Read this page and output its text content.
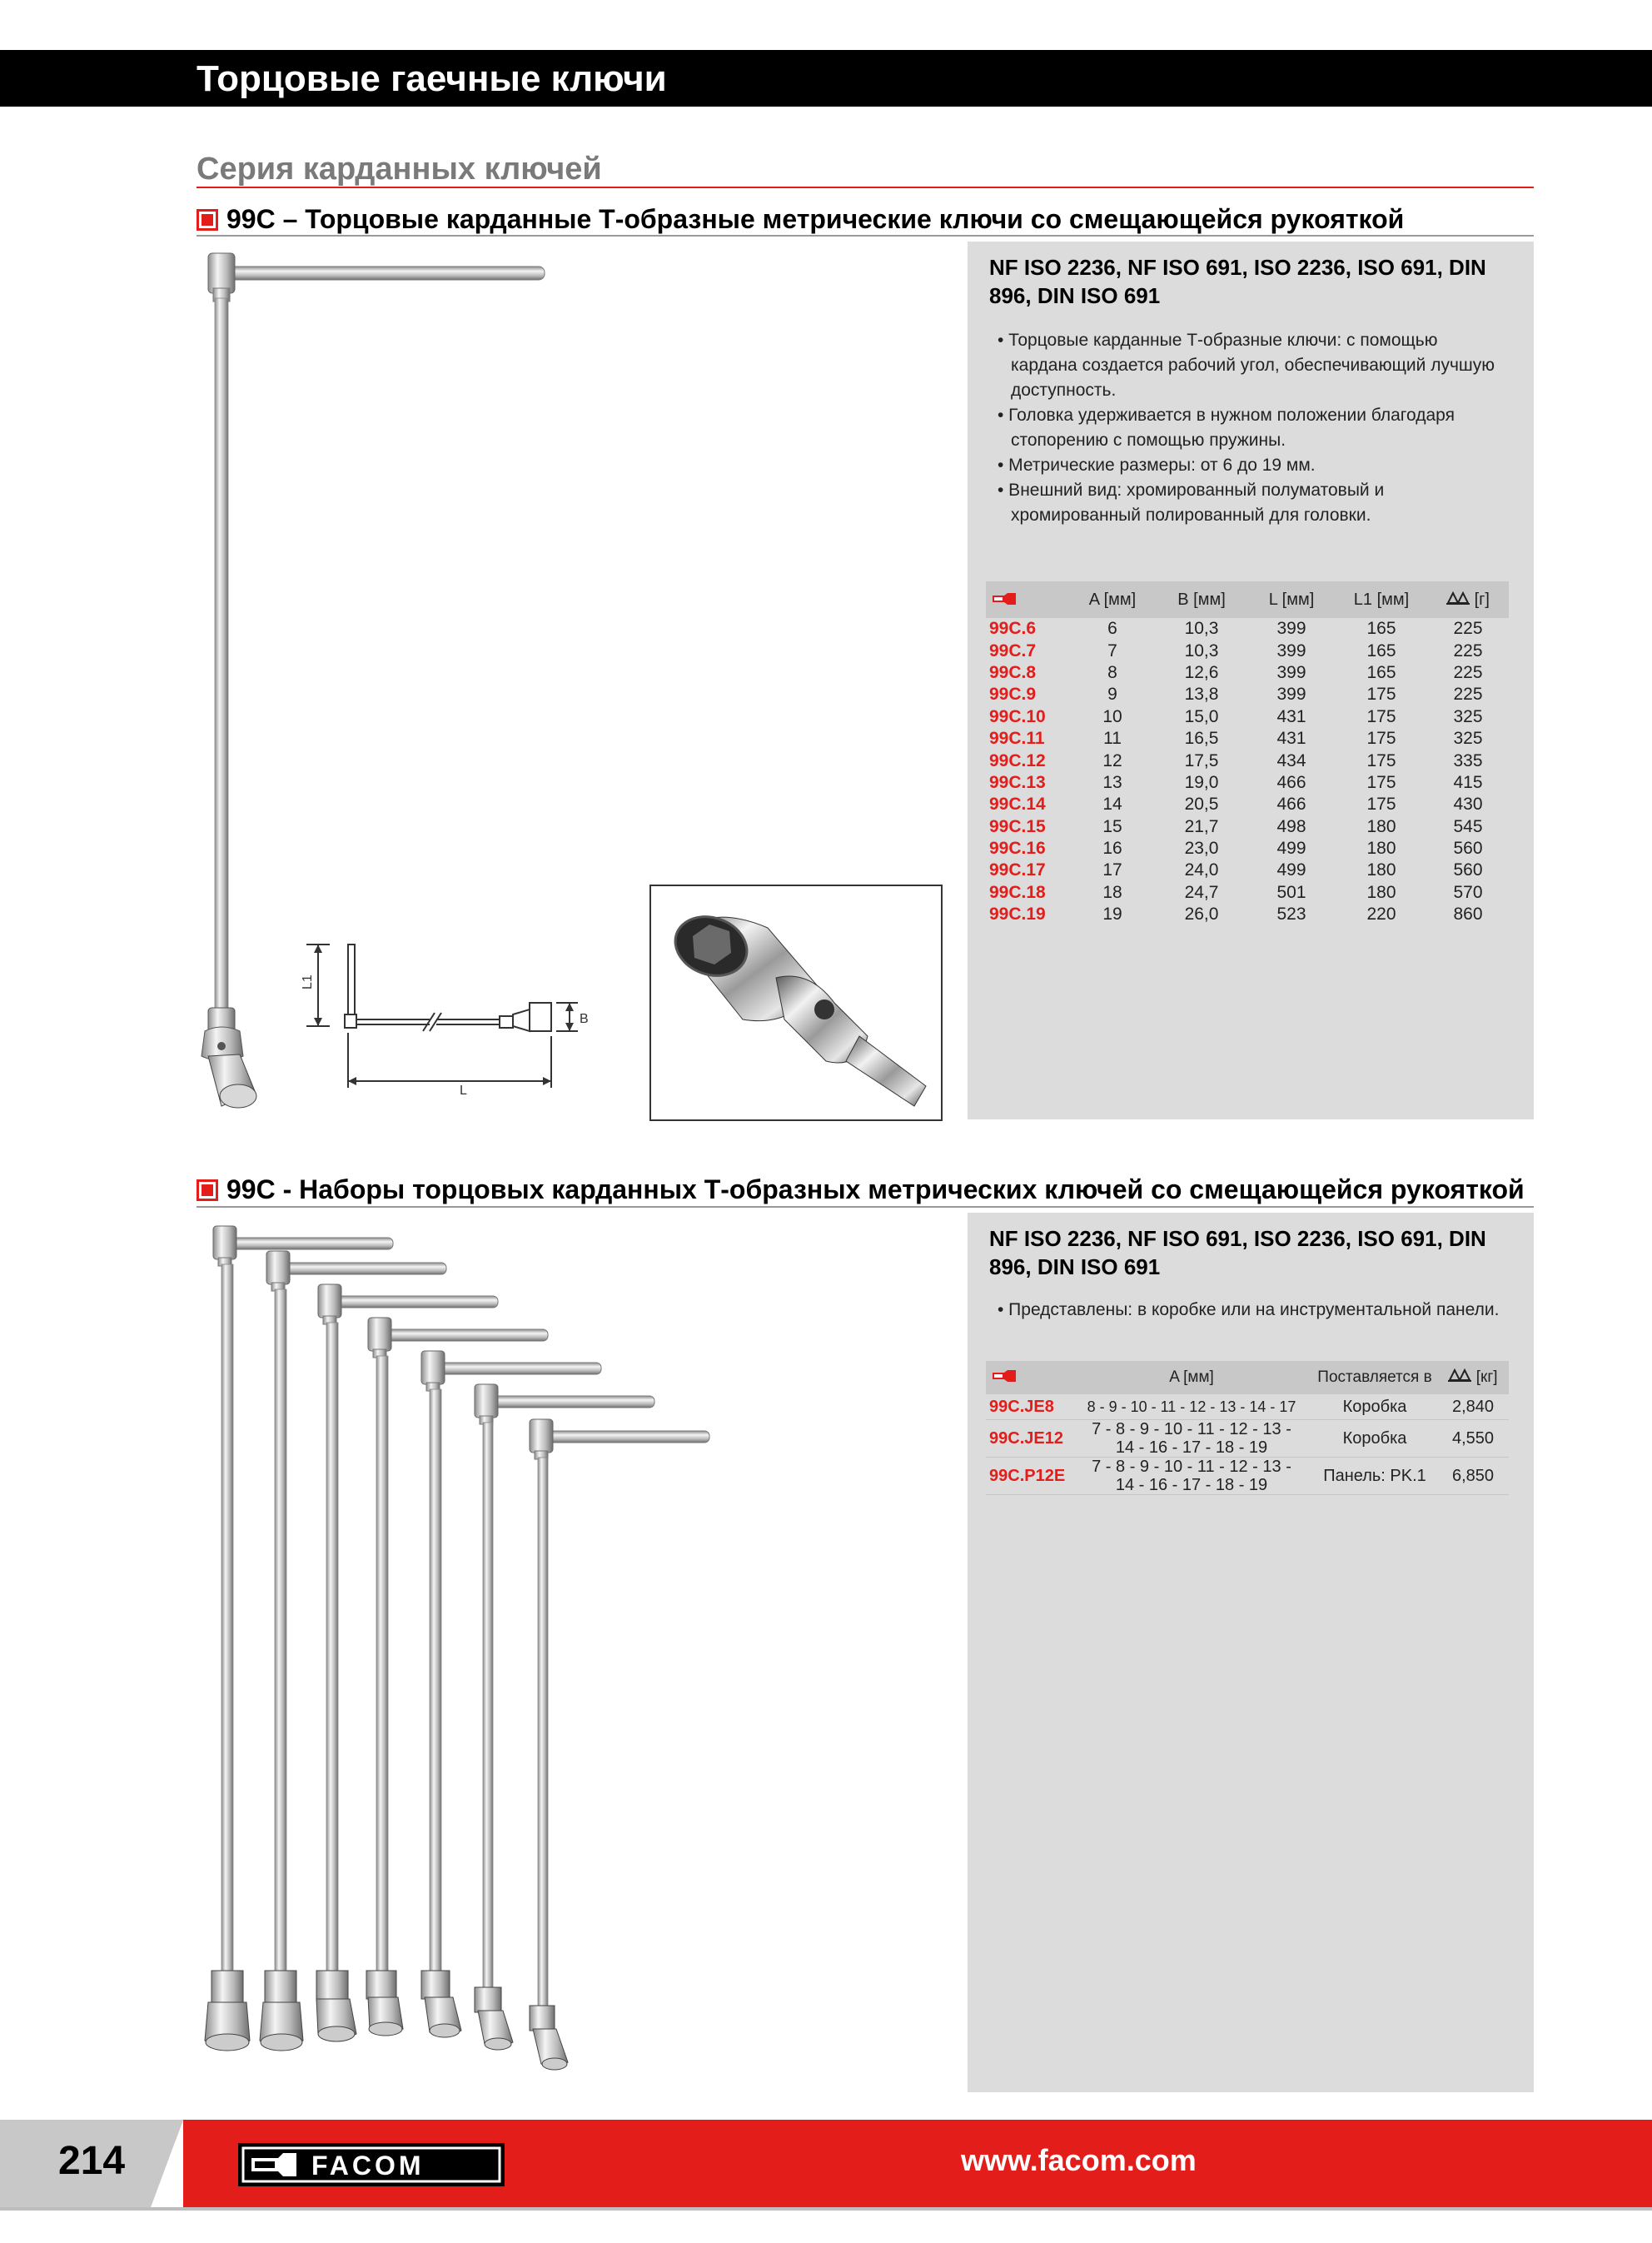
Торцовые гаечные ключи
Серия карданных ключей
99C – Торцовые карданные Т-образные метрические ключи со смещающейся рукояткой
L1
B
L
NF ISO 2236, NF ISO 691, ISO 2236, ISO 691, DIN 896, DIN ISO 691
• Торцовые карданные Т-образные ключи: с помощью кардана создается рабочий угол, обеспечивающий лучшую доступность.
• Головка удерживается в нужном положении благодаря стопорению с помощью пружины.
• Метрические размеры: от 6 до 19 мм.
• Внешний вид: хромированный полуматовый и хромированный полированный для головки.
	A [мм]	B [мм]	L [мм]	L1 [мм]	[г]
99C.6	6	10,3	399	165	225
99C.7	7	10,3	399	165	225
99C.8	8	12,6	399	165	225
99C.9	9	13,8	399	175	225
99C.10	10	15,0	431	175	325
99C.11	11	16,5	431	175	325
99C.12	12	17,5	434	175	335
99C.13	13	19,0	466	175	415
99C.14	14	20,5	466	175	430
99C.15	15	21,7	498	180	545
99C.16	16	23,0	499	180	560
99C.17	17	24,0	499	180	560
99C.18	18	24,7	501	180	570
99C.19	19	26,0	523	220	860
99C - Наборы торцовых карданных Т-образных метрических ключей со смещающейся рукояткой
NF ISO 2236, NF ISO 691, ISO 2236, ISO 691, DIN 896, DIN ISO 691
• Представлены: в коробке или на инструментальной панели.
	A [мм]	Поставляется в	[кг]
99C.JE8	8 - 9 - 10 - 11 - 12 - 13 - 14 - 17	Коробка	2,840
99C.JE12	7 - 8 - 9 - 10 - 11 - 12 - 13 - 14 - 16 - 17 - 18 - 19	Коробка	4,550
99C.P12E	7 - 8 - 9 - 10 - 11 - 12 - 13 - 14 - 16 - 17 - 18 - 19	Панель: PK.1	6,850
214	FACOM	www.facom.com
